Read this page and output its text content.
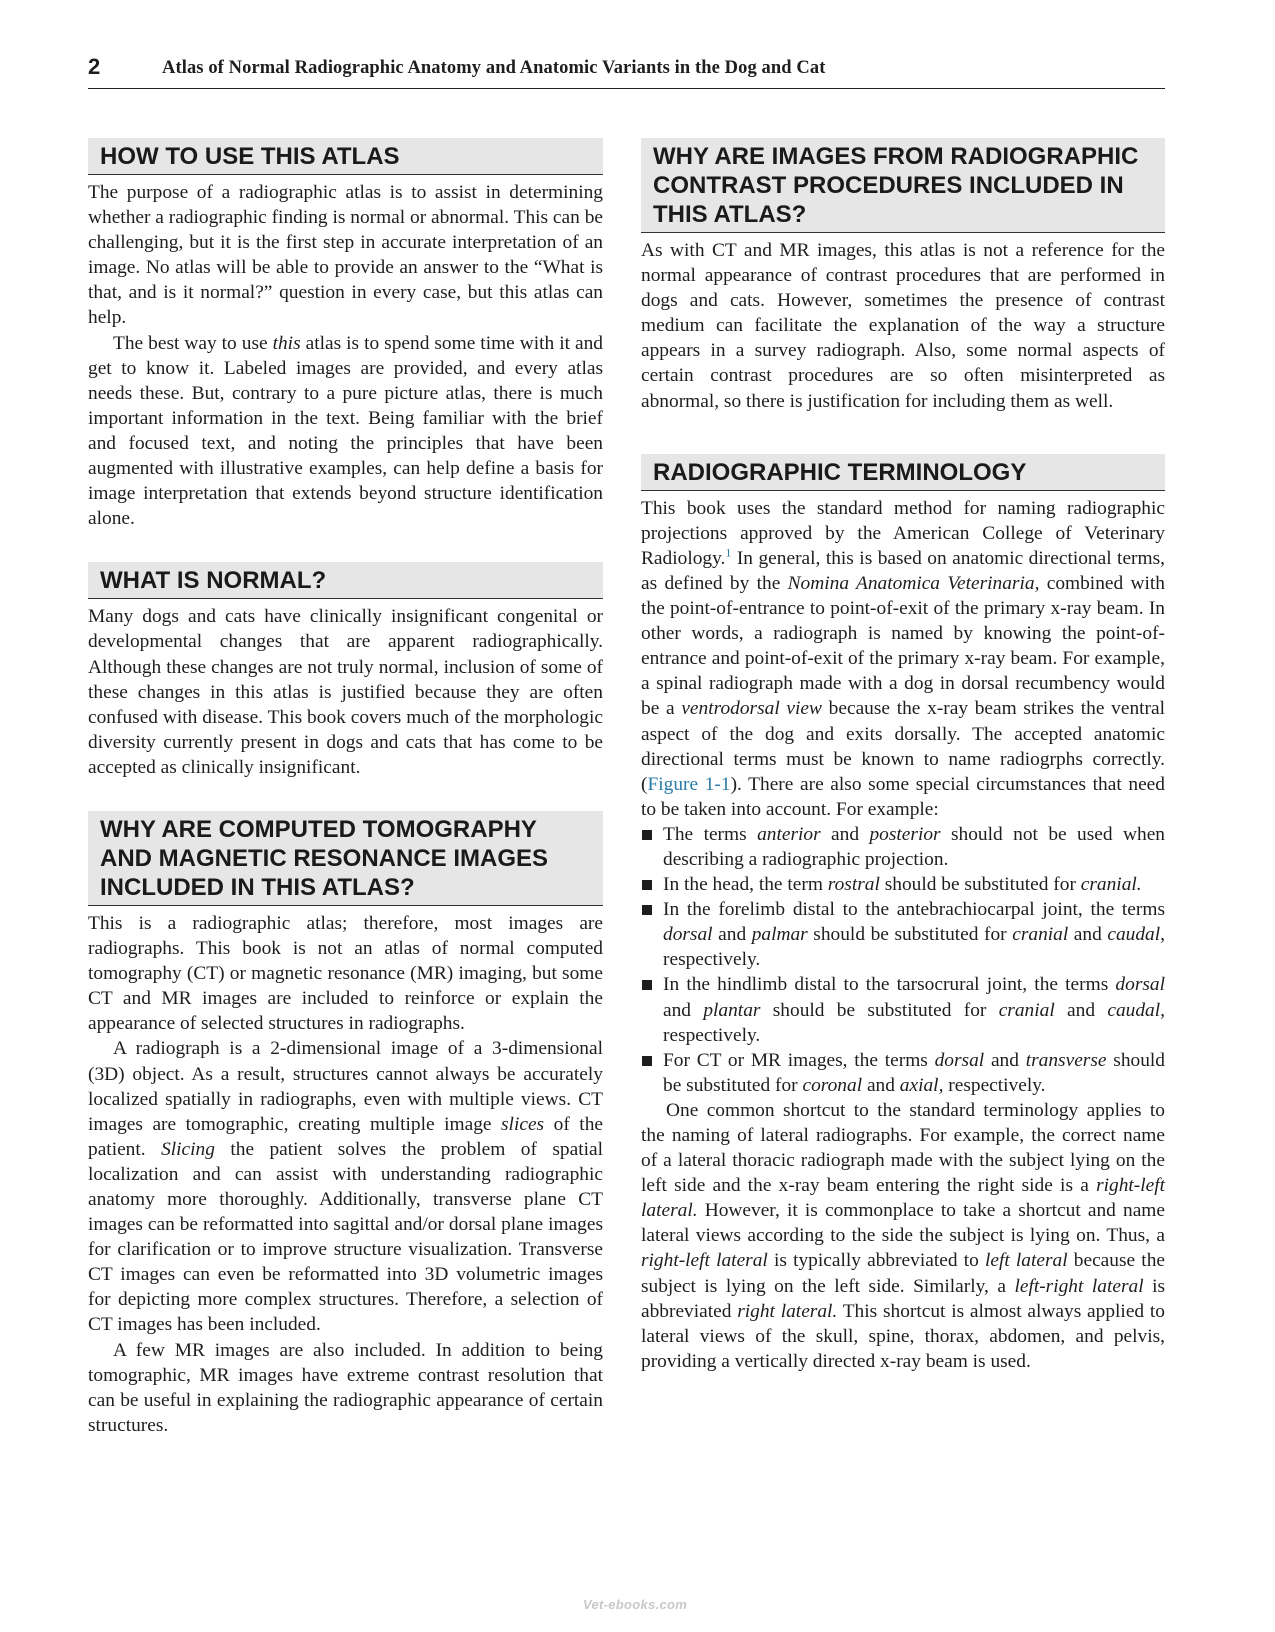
2	Atlas of Normal Radiographic Anatomy and Anatomic Variants in the Dog and Cat
HOW TO USE THIS ATLAS

The purpose of a radiographic atlas is to assist in determining whether a radiographic finding is normal or abnormal. This can be challenging, but it is the first step in accurate interpretation of an image. No atlas will be able to provide an answer to the “What is that, and is it normal?” question in every case, but this atlas can help.

The best way to use this atlas is to spend some time with it and get to know it. Labeled images are provided, and every atlas needs these. But, contrary to a pure picture atlas, there is much important information in the text. Being familiar with the brief and focused text, and noting the principles that have been augmented with illustrative examples, can help define a basis for image interpretation that extends beyond structure identification alone.

WHAT IS NORMAL?

Many dogs and cats have clinically insignificant congenital or developmental changes that are apparent radiographically. Although these changes are not truly normal, inclusion of some of these changes in this atlas is justified because they are often confused with disease. This book covers much of the morphologic diversity currently present in dogs and cats that has come to be accepted as clinically insignificant.

WHY ARE COMPUTED TOMOGRAPHY AND MAGNETIC RESONANCE IMAGES INCLUDED IN THIS ATLAS?

This is a radiographic atlas; therefore, most images are radiographs. This book is not an atlas of normal computed tomography (CT) or magnetic resonance (MR) imaging, but some CT and MR images are included to reinforce or explain the appearance of selected structures in radiographs.

A radiograph is a 2-dimensional image of a 3-dimensional (3D) object. As a result, structures cannot always be accurately localized spatially in radiographs, even with multiple views. CT images are tomographic, creating multiple image slices of the patient. Slicing the patient solves the problem of spatial localization and can assist with understanding radiographic anatomy more thoroughly. Additionally, transverse plane CT images can be reformatted into sagittal and/or dorsal plane images for clarification or to improve structure visualization. Transverse CT images can even be reformatted into 3D volumetric images for depicting more complex structures. Therefore, a selection of CT images has been included.

A few MR images are also included. In addition to being tomographic, MR images have extreme contrast resolution that can be useful in explaining the radiographic appearance of certain structures.

WHY ARE IMAGES FROM RADIOGRAPHIC CONTRAST PROCEDURES INCLUDED IN THIS ATLAS?

As with CT and MR images, this atlas is not a reference for the normal appearance of contrast procedures that are performed in dogs and cats. However, sometimes the presence of contrast medium can facilitate the explanation of the way a structure appears in a survey radiograph. Also, some normal aspects of certain contrast procedures are so often misinterpreted as abnormal, so there is justification for including them as well.

RADIOGRAPHIC TERMINOLOGY

This book uses the standard method for naming radiographic projections approved by the American College of Veterinary Radiology.$^1$ In general, this is based on anatomic directional terms, as defined by the Nomina Anatomica Veterinaria, combined with the point-of-entrance to point-of-exit of the primary x-ray beam. In other words, a radiograph is named by knowing the point-of-entrance and point-of-exit of the primary x-ray beam. For example, a spinal radiograph made with a dog in dorsal recumbency would be a ventrodorsal view because the x-ray beam strikes the ventral aspect of the dog and exits dorsally. The accepted anatomic directional terms must be known to name radiogrphs correctly. (Figure 1-1). There are also some special circumstances that need to be taken into account. For example:

The terms anterior and posterior should not be used when describing a radiographic projection.
In the head, the term rostral should be substituted for cranial.
In the forelimb distal to the antebrachiocarpal joint, the terms dorsal and palmar should be substituted for cranial and caudal, respectively.
In the hindlimb distal to the tarsocrural joint, the terms dorsal and plantar should be substituted for cranial and caudal, respectively.
For CT or MR images, the terms dorsal and transverse should be substituted for coronal and axial, respectively.

One common shortcut to the standard terminology applies to the naming of lateral radiographs. For example, the correct name of a lateral thoracic radiograph made with the subject lying on the left side and the x-ray beam entering the right side is a right-left lateral. However, it is commonplace to take a shortcut and name lateral views according to the side the subject is lying on. Thus, a right-left lateral is typically abbreviated to left lateral because the subject is lying on the left side. Similarly, a left-right lateral is abbreviated right lateral. This shortcut is almost always applied to lateral views of the skull, spine, thorax, abdomen, and pelvis, providing a vertically directed x-ray beam is used.

Vet-ebooks.com
